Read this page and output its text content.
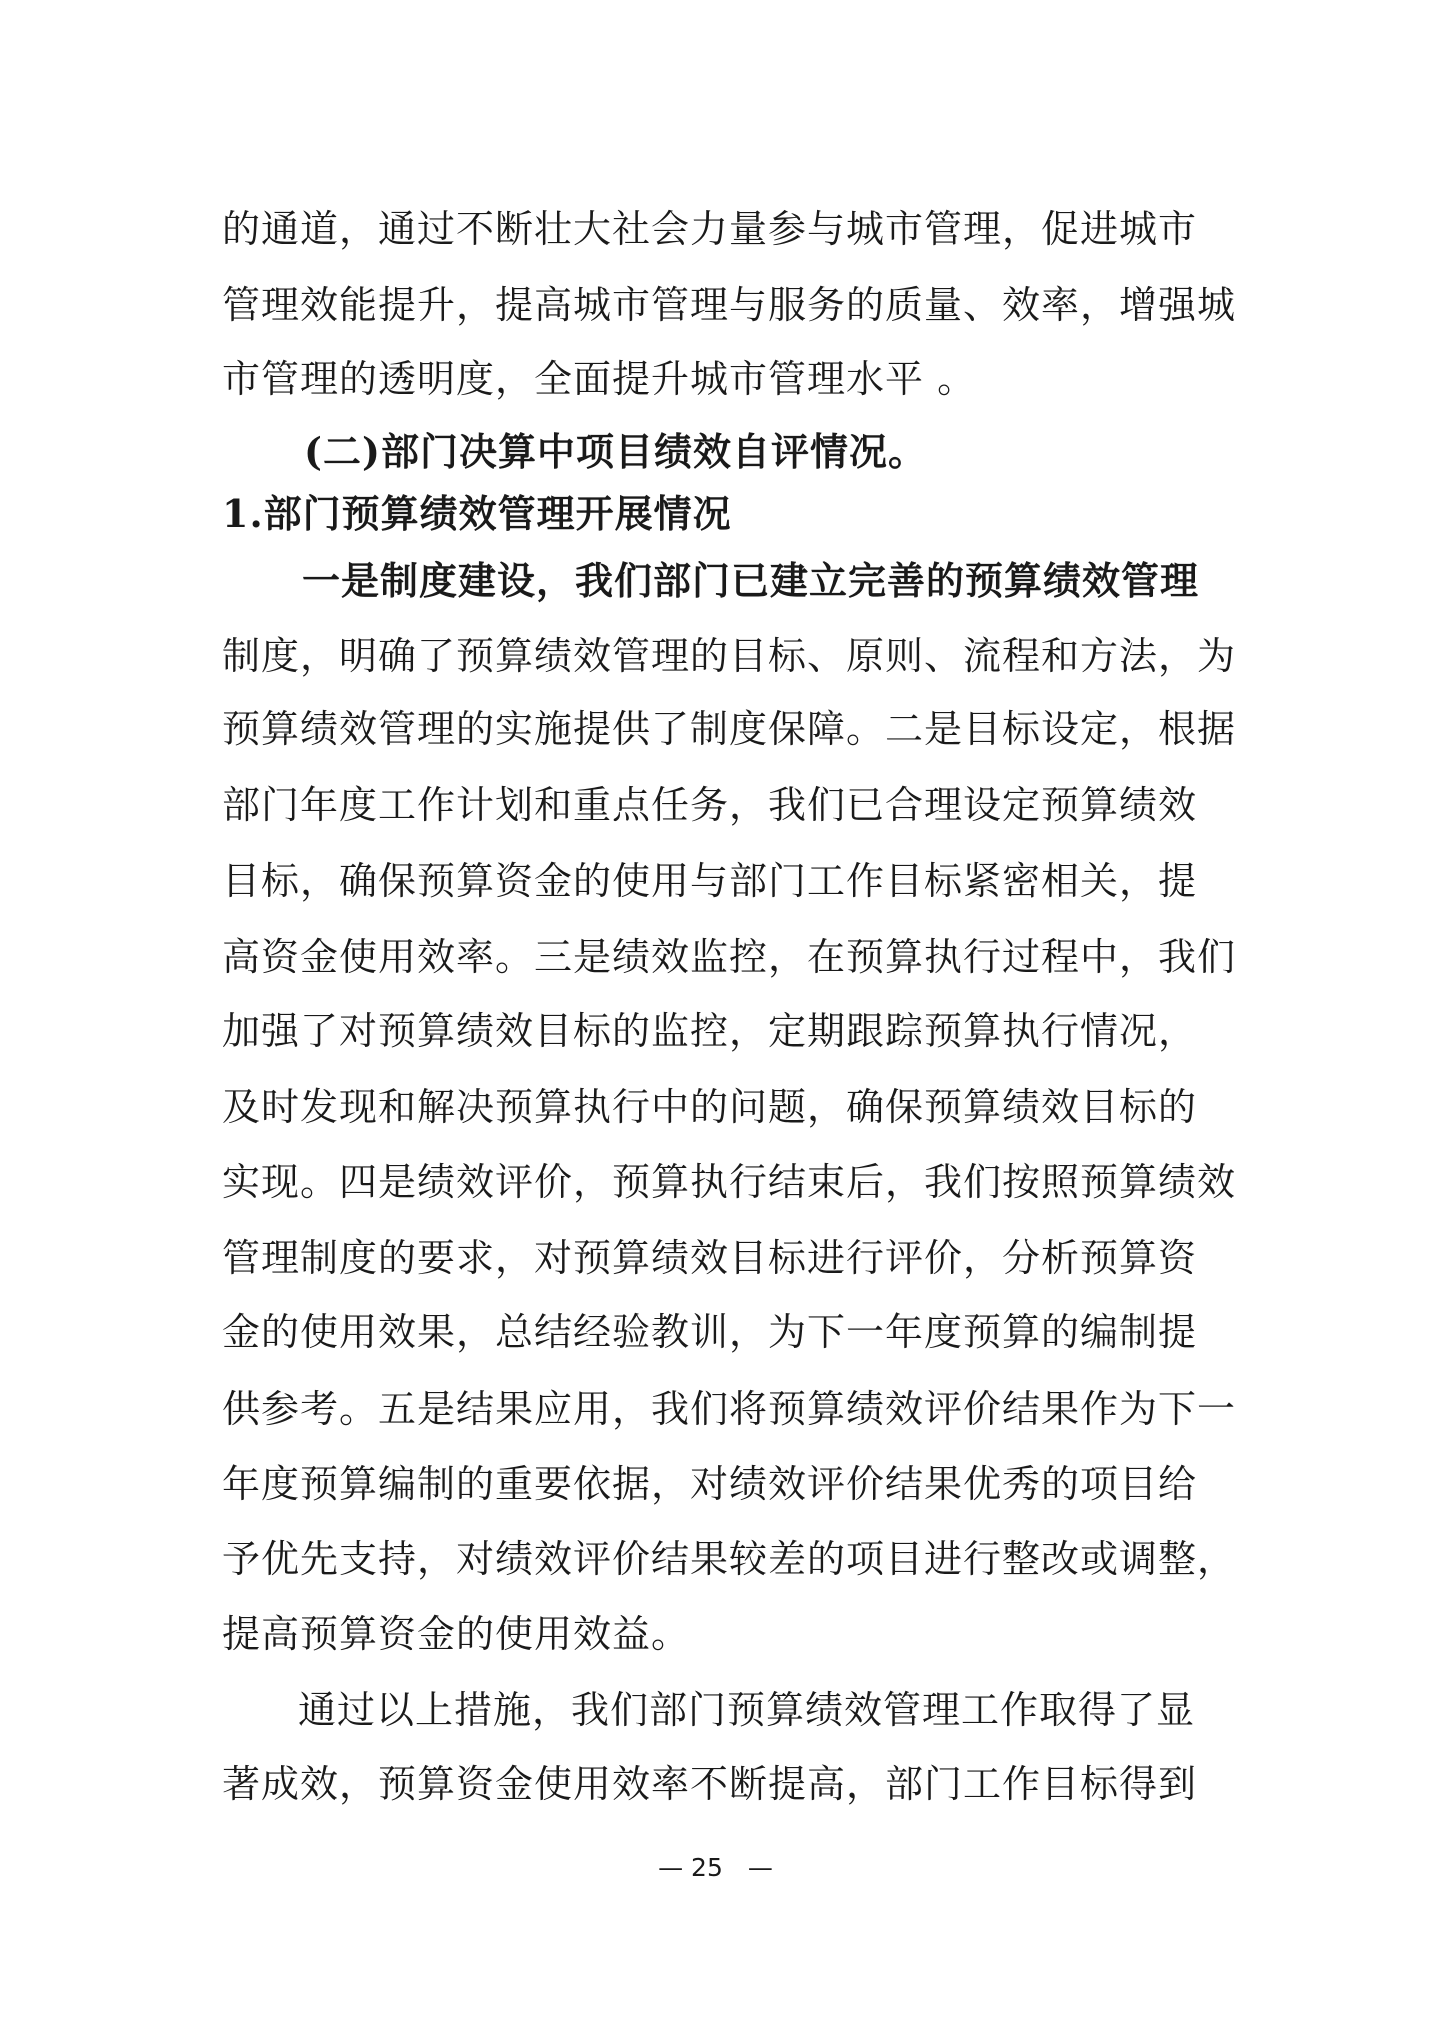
的通道，通过不断壮大社会力量参与城市管理，促进城市
管理效能提升，提高城市管理与服务的质量、效率，增强城
市管理的透明度，全面提升城市管理水平 。
(二)部门决算中项目绩效自评情况。
1.部门预算绩效管理开展情况
一是制度建设，我们部门已建立完善的预算绩效管理
制度，明确了预算绩效管理的目标、原则、流程和方法，为
预算绩效管理的实施提供了制度保障。二是目标设定，根据
部门年度工作计划和重点任务，我们已合理设定预算绩效
目标，确保预算资金的使用与部门工作目标紧密相关，提
高资金使用效率。三是绩效监控，在预算执行过程中，我们
加强了对预算绩效目标的监控，定期跟踪预算执行情况，
及时发现和解决预算执行中的问题，确保预算绩效目标的
实现。四是绩效评价，预算执行结束后，我们按照预算绩效
管理制度的要求，对预算绩效目标进行评价，分析预算资
金的使用效果，总结经验教训，为下一年度预算的编制提
供参考。五是结果应用，我们将预算绩效评价结果作为下一
年度预算编制的重要依据，对绩效评价结果优秀的项目给
予优先支持，对绩效评价结果较差的项目进行整改或调整，
提高预算资金的使用效益。
通过以上措施，我们部门预算绩效管理工作取得了显
著成效，预算资金使用效率不断提高，部门工作目标得到
— 25　—
